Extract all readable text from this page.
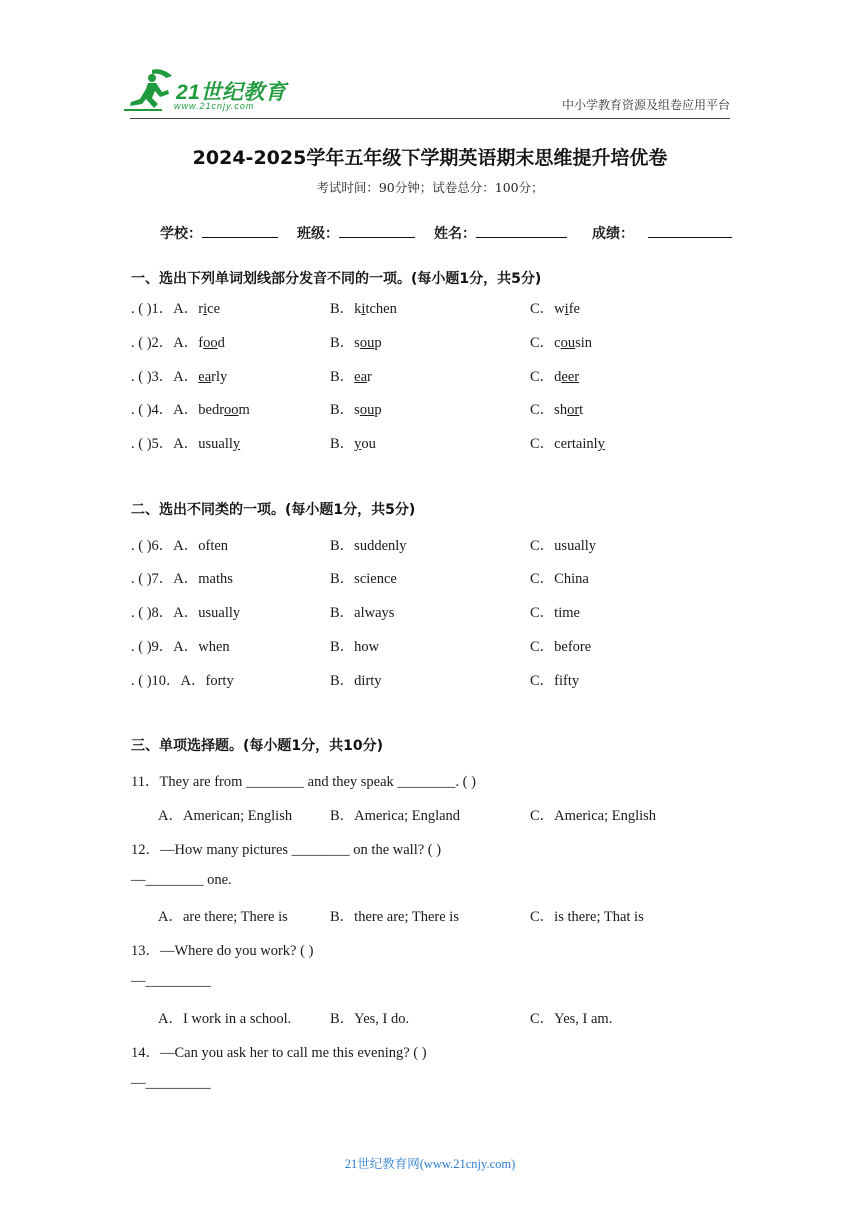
21世纪教育
www.21cnjy.com	中小学教育资源及组卷应用平台
2024-2025学年五年级下学期英语期末思维提升培优卷
考试时间：90分钟；试卷总分：100分；
学校：	班级：	姓名：	成绩：
一、选出下列单词划线部分发音不同的一项。(每小题1分，共5分)
. ( )1．A．rice	B．kitchen	C．wife
. ( )2．A．food	B．soup	C．cousin
. ( )3．A．early	B．ear	C．deer
. ( )4．A．bedroom	B．soup	C．short
. ( )5．A．usually	B．you	C．certainly
二、选出不同类的一项。(每小题1分，共5分)
. ( )6．A．often	B．suddenly	C．usually
. ( )7．A．maths	B．science	C．China
. ( )8．A．usually	B．always	C．time
. ( )9．A．when	B．how	C．before
. ( )10．A．forty	B．dirty	C．fifty
三、单项选择题。(每小题1分，共10分)
11．They are from ________ and they speak ________. ( )
A．American; English	B．America; England	C．America; English
12．—How many pictures ________ on the wall? ( )
—________ one.
A．are there; There is	B．there are; There is	C．is there; That is
13．—Where do you work? ( )
—_________
A．I work in a school.	B．Yes, I do.	C．Yes, I am.
14．—Can you ask her to call me this evening? ( )
—_________
21世纪教育网(www.21cnjy.com)
